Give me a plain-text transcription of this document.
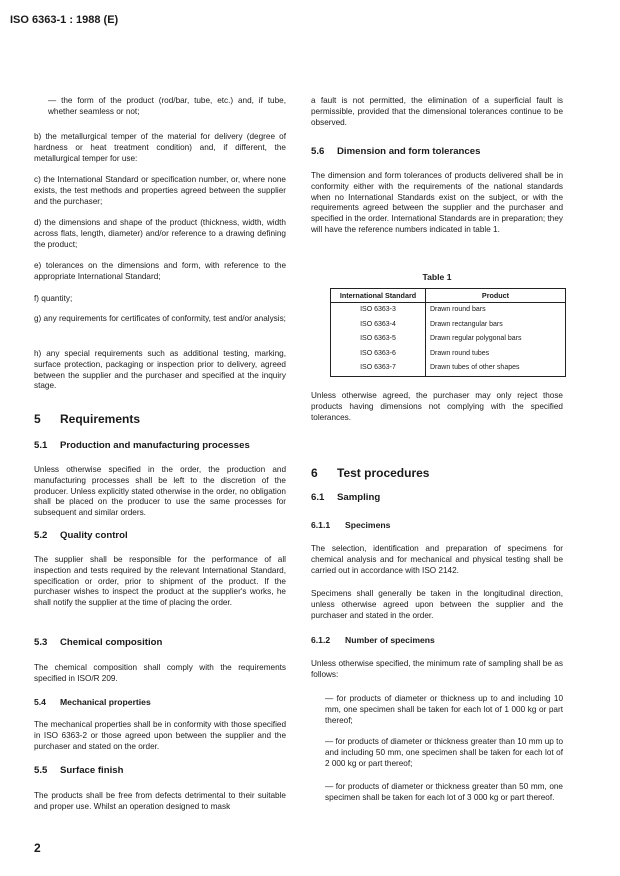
ISO 6363-1 : 1988 (E)
— the form of the product (rod/bar, tube, etc.) and, if tube, whether seamless or not;
b) the metallurgical temper of the material for delivery (degree of hardness or heat treatment condition) and, if different, the metallurgical temper for use:
c) the International Standard or specification number, or, where none exists, the test methods and properties agreed between the supplier and the purchaser;
d) the dimensions and shape of the product (thickness, width, width across flats, length, diameter) and/or reference to a drawing defining the product;
e) tolerances on the dimensions and form, with reference to the appropriate International Standard;
f) quantity;
g) any requirements for certificates of conformity, test and/or analysis;
h) any special requirements such as additional testing, marking, surface protection, packaging or inspection prior to delivery, agreed between the supplier and the purchaser and specified at the inquiry stage.
5 Requirements
5.1 Production and manufacturing processes
Unless otherwise specified in the order, the production and manufacturing processes shall be left to the discretion of the producer. Unless explicitly stated otherwise in the order, no obligation shall be placed on the producer to use the same processes for subsequent and similar orders.
5.2 Quality control
The supplier shall be responsible for the performance of all inspection and tests required by the relevant International Standard, specification or order, prior to shipment of the product. If the purchaser wishes to inspect the product at the supplier's works, he shall notify the supplier at the time of placing the order.
5.3 Chemical composition
The chemical composition shall comply with the requirements specified in ISO/R 209.
5.4 Mechanical properties
The mechanical properties shall be in conformity with those specified in ISO 6363-2 or those agreed upon between the supplier and the purchaser and stated on the order.
5.5 Surface finish
The products shall be free from defects detrimental to their suitable and proper use. Whilst an operation designed to mask
2
a fault is not permitted, the elimination of a superficial fault is permissible, provided that the dimensional tolerances continue to be observed.
5.6 Dimension and form tolerances
The dimension and form tolerances of products delivered shall be in conformity either with the requirements of the national standards when no International Standards exist on the subject, or with the requirements agreed between the supplier and the purchaser and specified in the order. International Standards are in preparation; they will have the reference numbers indicated in table 1.
Table 1
International Standard	Product
ISO 6363-3	Drawn round bars
ISO 6363-4	Drawn rectangular bars
ISO 6363-5	Drawn regular polygonal bars
ISO 6363-6	Drawn round tubes
ISO 6363-7	Drawn tubes of other shapes
Unless otherwise agreed, the purchaser may only reject those products having dimensions not complying with the specified tolerances.
6 Test procedures
6.1 Sampling
6.1.1 Specimens
The selection, identification and preparation of specimens for chemical analysis and for mechanical and physical testing shall be carried out in accordance with ISO 2142.
Specimens shall generally be taken in the longitudinal direction, unless otherwise agreed upon between the supplier and the purchaser and stated in the order.
6.1.2 Number of specimens
Unless otherwise specified, the minimum rate of sampling shall be as follows:
— for products of diameter or thickness up to and including 10 mm, one specimen shall be taken for each lot of 1 000 kg or part thereof;
— for products of diameter or thickness greater than 10 mm up to and including 50 mm, one specimen shall be taken for each lot of 2 000 kg or part thereof;
— for products of diameter or thickness greater than 50 mm, one specimen shall be taken for each lot of 3 000 kg or part thereof.
